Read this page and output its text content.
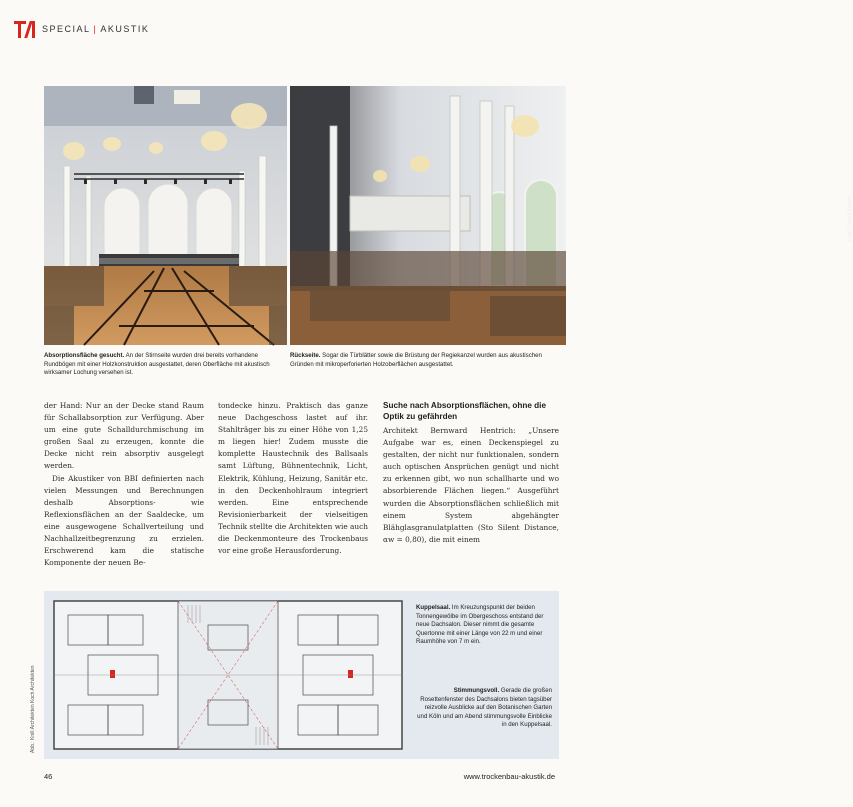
SPECIAL | AKUSTIK
Foto: Frank Kempen
Absorptionsfläche gesucht. An der Stirnseite wurden drei bereits vorhandene Rundbögen mit einer Holzkonstruktion ausgestattet, deren Oberfläche mit akustisch wirksamer Lochung versehen ist.
Rückseite. Sogar die Türblätter sowie die Brüstung der Regiekanzel wurden aus akustischen Gründen mit mikroperforierten Holzoberflächen ausgestattet.

der Hand: Nur an der Decke stand Raum für Schallabsorption zur Verfügung. Aber um eine gute Schalldurchmischung im großen Saal zu erzeugen, konnte die Decke nicht rein absorptiv ausgelegt werden.

Die Akustiker von BBI definierten nach vielen Messungen und Berechnungen deshalb Absorptions- wie Reflexionsflächen an der Saaldecke, um eine ausgewogene Schallverteilung und Nachhallzeitbegrenzung zu erzielen. Erschwerend kam die statische Komponente der neuen Be-

tondecke hinzu. Praktisch das ganze neue Dachgeschoss lastet auf ihr. Stahlträger bis zu einer Höhe von 1,25 m liegen hier! Zudem musste die komplette Haustechnik des Ballsaals samt Lüftung, Bühnentechnik, Licht, Elektrik, Kühlung, Heizung, Sanitär etc. in den Deckenhohlraum integriert werden. Eine entsprechende Revisionierbarkeit der vielseitigen Technik stellte die Architekten wie auch die Deckenmonteure des Trockenbaus vor eine große Herausforderung.

Suche nach Absorptionsflächen, ohne die Optik zu gefährden

Architekt Bernward Hentrich: „Unsere Aufgabe war es, einen Deckenspiegel zu gestalten, der nicht nur funktionalen, sondern auch optischen Ansprüchen genügt und nicht zu erkennen gibt, wo nun schallharte und wo absorbierende Flächen liegen.“ Ausgeführt wurden die Absorptionsflächen schließlich mit einem System abgehängter Blähglasgranulatplatten (Sto Silent Distance, αw = 0,80), die mit einem

Abb.: Knill Architekten Koch Architekten
Kuppelsaal. Im Kreuzungspunkt der beiden Tonnengewölbe im Obergeschoss entstand der neue Dachsalon. Dieser nimmt die gesamte Quertonne mit einer Länge von 22 m und einer Raumhöhe von 7 m ein.
Stimmungsvoll. Gerade die großen Rosettenfenster des Dachsalons bieten tagsüber reizvolle Ausblicke auf den Botanischen Garten und Köln und am Abend stimmungsvolle Einblicke in den Kuppelsaal.
46	www.trockenbau-akustik.de
